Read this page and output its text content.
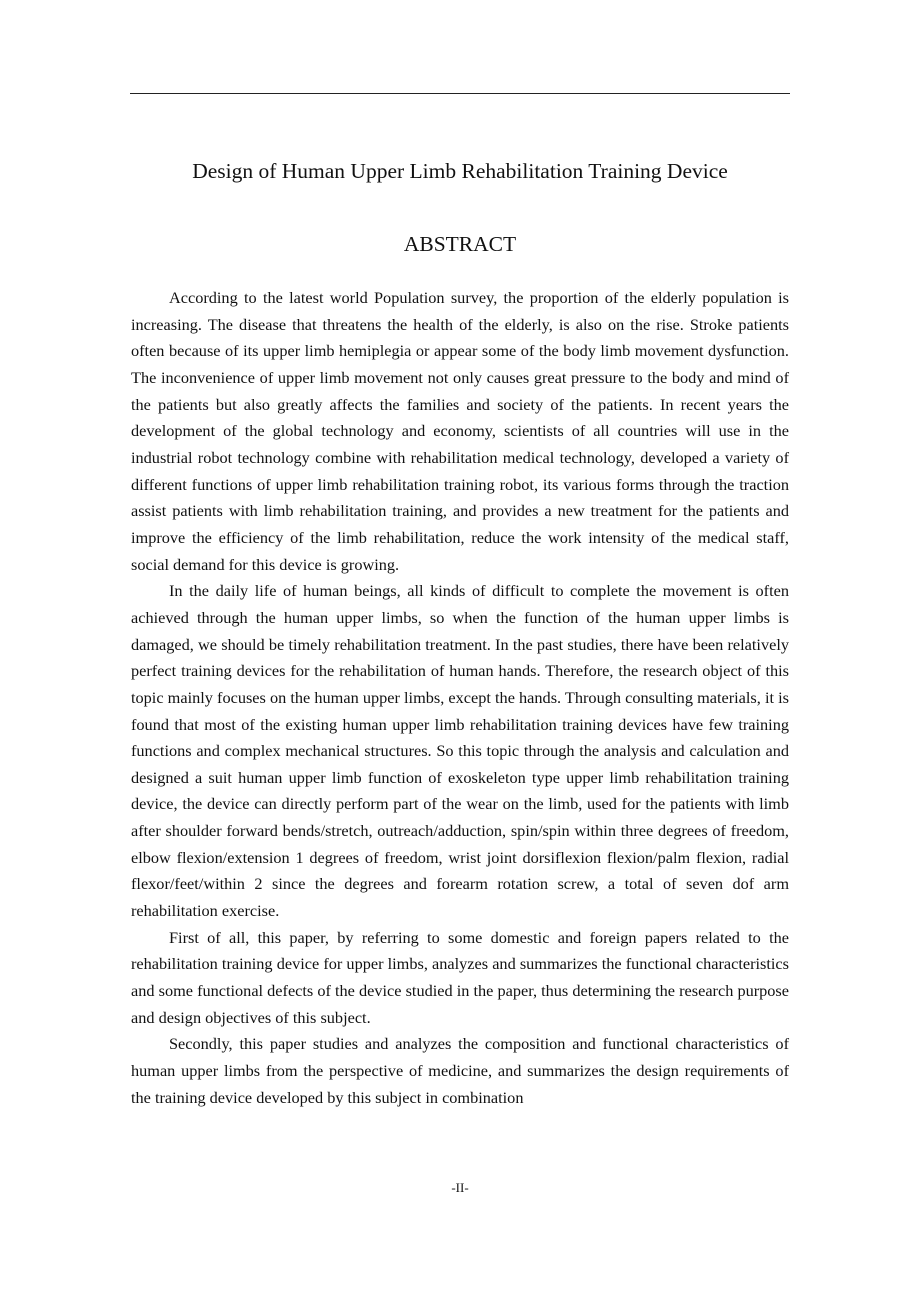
Design of Human Upper Limb Rehabilitation Training Device
ABSTRACT

According to the latest world Population survey, the proportion of the elderly population is increasing. The disease that threatens the health of the elderly, is also on the rise. Stroke patients often because of its upper limb hemiplegia or appear some of the body limb movement dysfunction. The inconvenience of upper limb movement not only causes great pressure to the body and mind of the patients but also greatly affects the families and society of the patients. In recent years the development of the global technology and economy, scientists of all countries will use in the industrial robot technology combine with rehabilitation medical technology, developed a variety of different functions of upper limb rehabilitation training robot, its various forms through the traction assist patients with limb rehabilitation training, and provides a new treatment for the patients and improve the efficiency of the limb rehabilitation, reduce the work intensity of the medical staff, social demand for this device is growing.

In the daily life of human beings, all kinds of difficult to complete the movement is often achieved through the human upper limbs, so when the function of the human upper limbs is damaged, we should be timely rehabilitation treatment. In the past studies, there have been relatively perfect training devices for the rehabilitation of human hands. Therefore, the research object of this topic mainly focuses on the human upper limbs, except the hands. Through consulting materials, it is found that most of the existing human upper limb rehabilitation training devices have few training functions and complex mechanical structures. So this topic through the analysis and calculation and designed a suit human upper limb function of exoskeleton type upper limb rehabilitation training device, the device can directly perform part of the wear on the limb, used for the patients with limb after shoulder forward bends/stretch, outreach/adduction, spin/spin within three degrees of freedom, elbow flexion/extension 1 degrees of freedom, wrist joint dorsiflexion flexion/palm flexion, radial flexor/feet/within 2 since the degrees and forearm rotation screw, a total of seven dof arm rehabilitation exercise.

First of all, this paper, by referring to some domestic and foreign papers related to the rehabilitation training device for upper limbs, analyzes and summarizes the functional characteristics and some functional defects of the device studied in the paper, thus determining the research purpose and design objectives of this subject.

Secondly, this paper studies and analyzes the composition and functional characteristics of human upper limbs from the perspective of medicine, and summarizes the design requirements of the training device developed by this subject in combination

-II-
